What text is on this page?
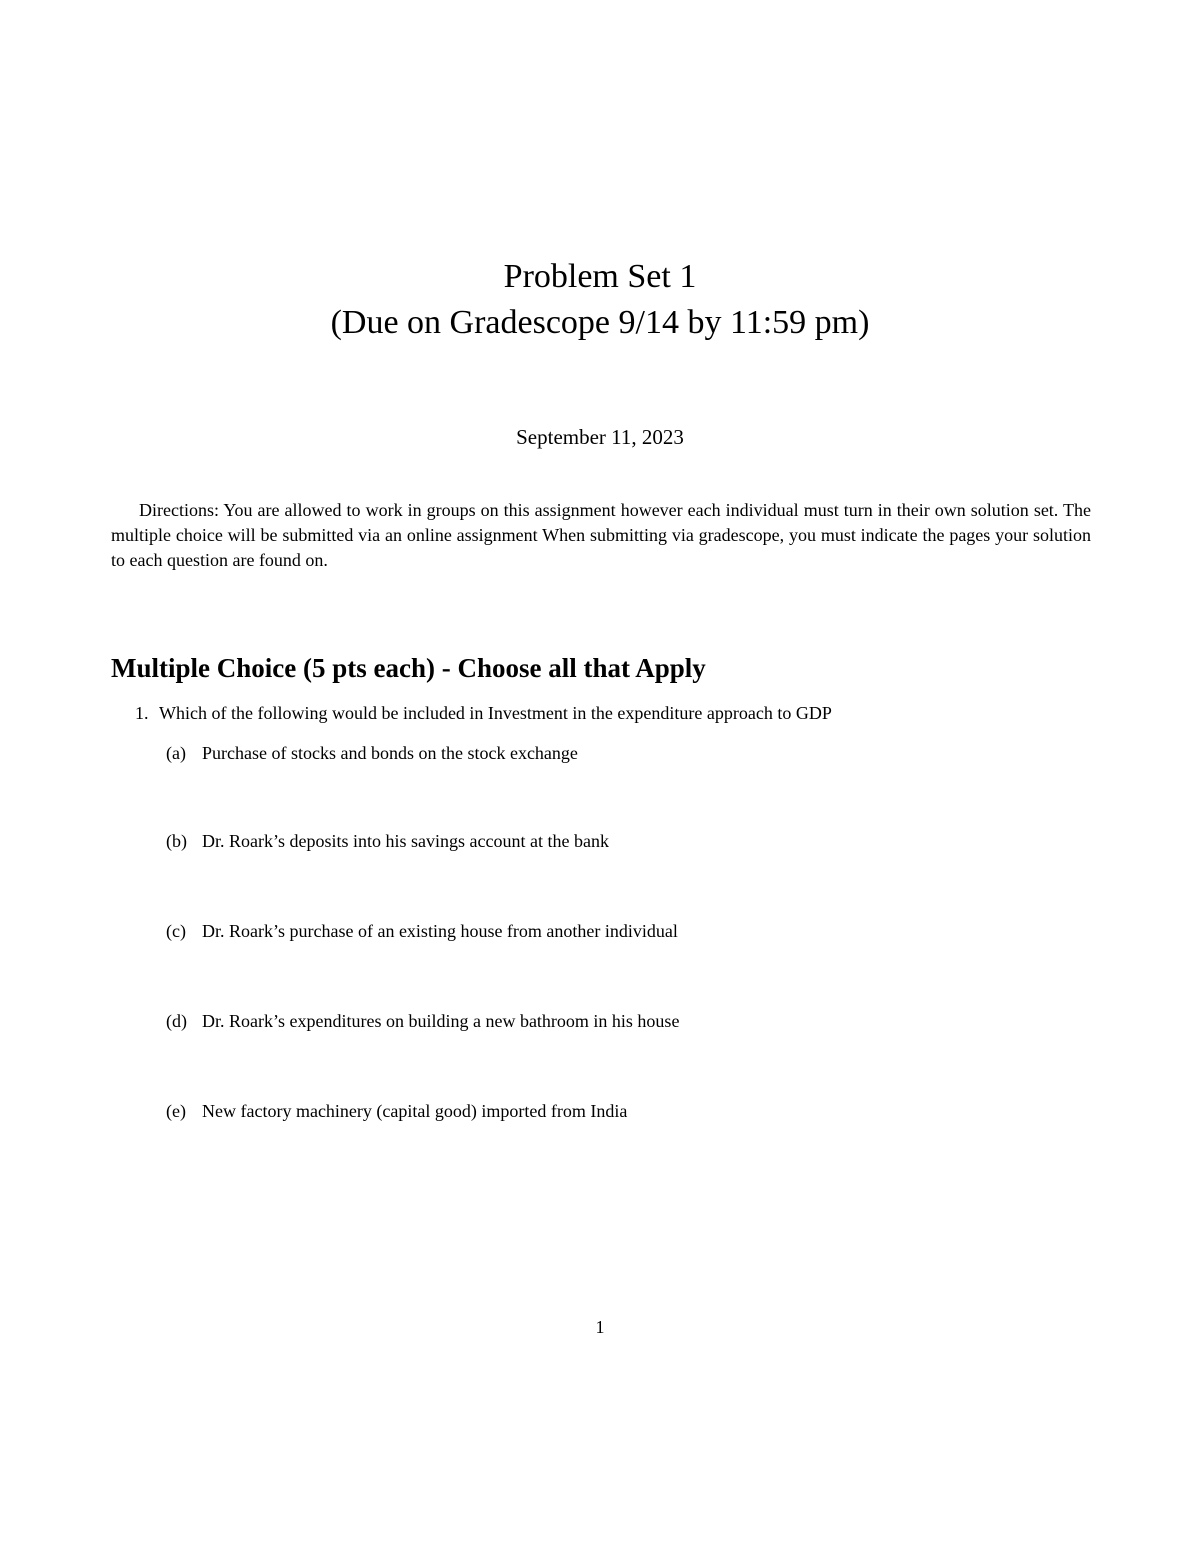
Problem Set 1
(Due on Gradescope 9/14 by 11:59 pm)
September 11, 2023
Directions: You are allowed to work in groups on this assignment however each individual must turn in their own solution set. The multiple choice will be submitted via an online assignment When submitting via gradescope, you must indicate the pages your solution to each question are found on.
Multiple Choice (5 pts each) - Choose all that Apply
1. Which of the following would be included in Investment in the expenditure approach to GDP
(a) Purchase of stocks and bonds on the stock exchange
(b) Dr. Roark’s deposits into his savings account at the bank
(c) Dr. Roark’s purchase of an existing house from another individual
(d) Dr. Roark’s expenditures on building a new bathroom in his house
(e) New factory machinery (capital good) imported from India
1
